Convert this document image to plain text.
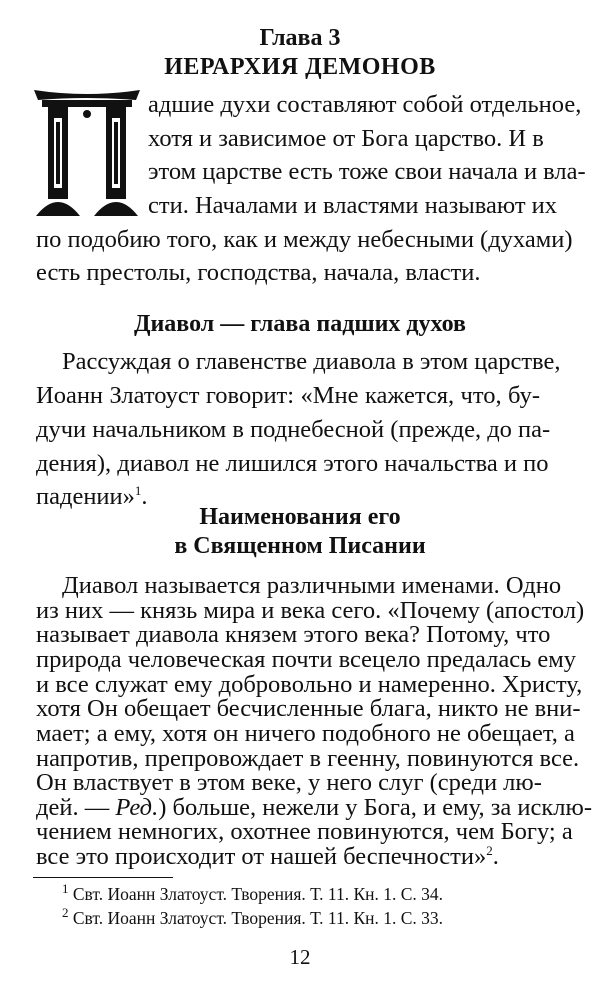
Глава 3
ИЕРАРХИЯ ДЕМОНОВ
адшие духи составляют собой отдельное,
хотя и зависимое от Бога царство. И в
этом царстве есть тоже свои начала и вла-
сти. Началами и властями называют их
по подобию того, как и между небесными (духами)
есть престолы, господства, начала, власти.
Диавол — глава падших духов
Рассуждая о главенстве диавола в этом царстве,
Иоанн Златоуст говорит: «Мне кажется, что, бу-
дучи начальником в поднебесной (прежде, до па-
дения), диавол не лишился этого начальства и по
падении»$^1$.
Наименования его
в Священном Писании
Диавол называется различными именами. Одно
из них — князь мира и века сего. «Почему (апостол)
называет диавола князем этого века? Потому, что
природа человеческая почти всецело предалась ему
и все служат ему добровольно и намеренно. Христу,
хотя Он обещает бесчисленные блага, никто не вни-
мает; а ему, хотя он ничего подобного не обещает, а
напротив, препровождает в геенну, повинуются все.
Он властвует в этом веке, у него слуг (среди лю-
$^1$ Свт. Иоанн Златоуст. Творения. Т. 11. Кн. 1. С. 34.
$^2$ Свт. Иоанн Златоуст. Творения. Т. 11. Кн. 1. С. 33.
12
дей. — Ред.) больше, нежели у Бога, и ему, за исклю-
чением немногих, охотнее повинуются, чем Богу; а
все это происходит от нашей беспечности»$^2$.
